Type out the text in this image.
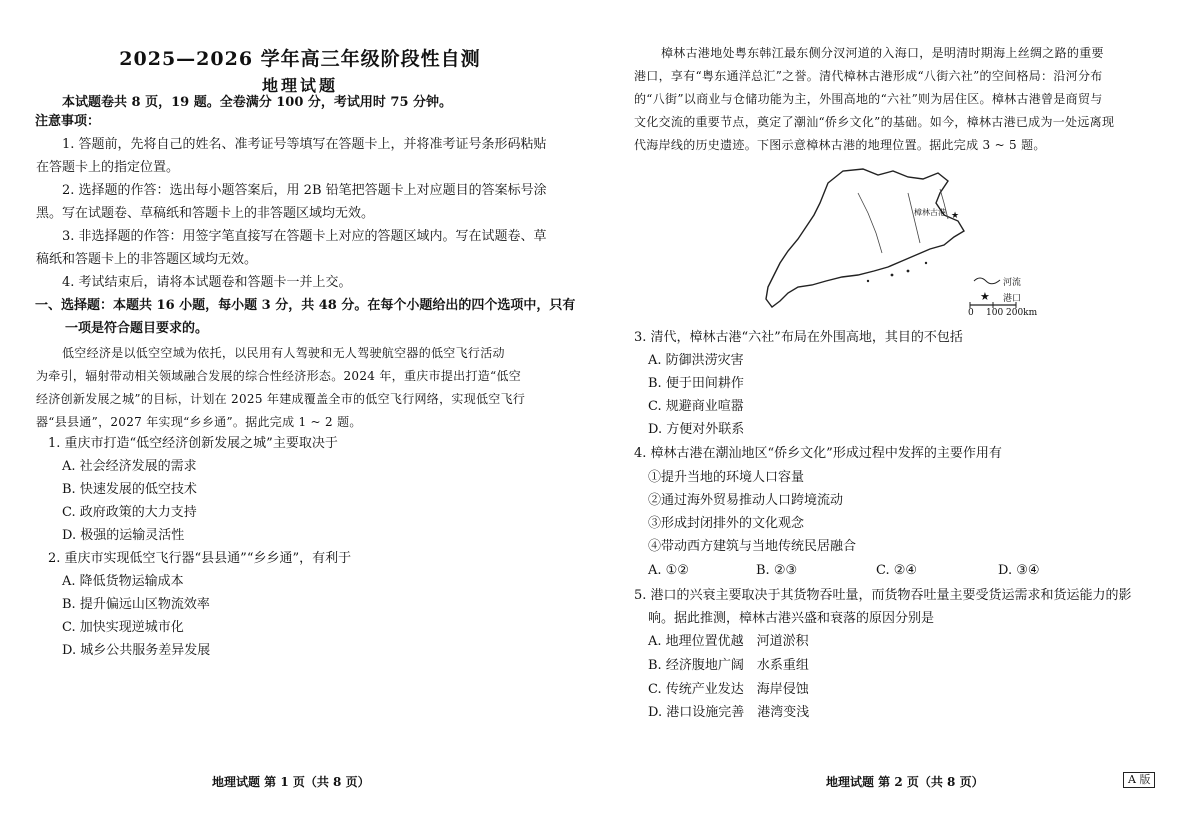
2025—2026 学年高三年级阶段性自测
地理试题
本试题卷共 8 页，19 题。全卷满分 100 分，考试用时 75 分钟。
注意事项：
1. 答题前，先将自己的姓名、准考证号等填写在答题卡上，并将准考证号条形码粘贴
在答题卡上的指定位置。
2. 选择题的作答：选出每小题答案后，用 2B 铅笔把答题卡上对应题目的答案标号涂
黑。写在试题卷、草稿纸和答题卡上的非答题区域均无效。
3. 非选择题的作答：用签字笔直接写在答题卡上对应的答题区域内。写在试题卷、草
稿纸和答题卡上的非答题区域均无效。
4. 考试结束后，请将本试题卷和答题卡一并上交。
一、选择题：本题共 16 小题，每小题 3 分，共 48 分。在每个小题给出的四个选项中，只有
一项是符合题目要求的。
低空经济是以低空空域为依托，以民用有人驾驶和无人驾驶航空器的低空飞行活动
为牵引，辐射带动相关领域融合发展的综合性经济形态。2024 年，重庆市提出打造“低空
经济创新发展之城”的目标，计划在 2025 年建成覆盖全市的低空飞行网络，实现低空飞行
器“县县通”，2027 年实现“乡乡通”。据此完成 1 ~ 2 题。
1. 重庆市打造“低空经济创新发展之城”主要取决于
A. 社会经济发展的需求
B. 快速发展的低空技术
C. 政府政策的大力支持
D. 极强的运输灵活性
2. 重庆市实现低空飞行器“县县通”“乡乡通”，有利于
A. 降低货物运输成本
B. 提升偏远山区物流效率
C. 加快实现逆城市化
D. 城乡公共服务差异发展
地理试题 第 1 页（共 8 页）
樟林古港地处粤东韩江最东侧分汊河道的入海口，是明清时期海上丝绸之路的重要
港口，享有“粤东通洋总汇”之誉。清代樟林古港形成“八街六社”的空间格局：沿河分布
的“八街”以商业与仓储功能为主，外围高地的“六社”则为居住区。樟林古港曾是商贸与
文化交流的重要节点，奠定了潮汕“侨乡文化”的基础。如今，樟林古港已成为一处远离现
代海岸线的历史遗迹。下图示意樟林古港的地理位置。据此完成 3 ~ 5 题。
★
樟林古港
河流
★ 港口
0 100 200km
3. 清代，樟林古港“六社”布局在外围高地，其目的不包括
A. 防御洪涝灾害
B. 便于田间耕作
C. 规避商业喧嚣
D. 方便对外联系
4. 樟林古港在潮汕地区“侨乡文化”形成过程中发挥的主要作用有
①提升当地的环境人口容量
②通过海外贸易推动人口跨境流动
③形成封闭排外的文化观念
④带动西方建筑与当地传统民居融合
A. ①②	B. ②③	C. ②④	D. ③④
5. 港口的兴衰主要取决于其货物吞吐量，而货物吞吐量主要受货运需求和货运能力的影
响。据此推测，樟林古港兴盛和衰落的原因分别是
A. 地理位置优越　河道淤积
B. 经济腹地广阔　水系重组
C. 传统产业发达　海岸侵蚀
D. 港口设施完善　港湾变浅
地理试题 第 2 页（共 8 页）	A 版
